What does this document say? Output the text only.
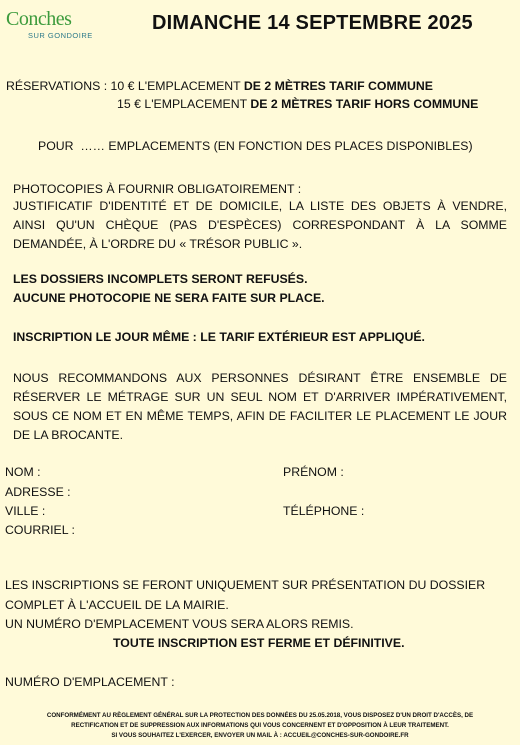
Conches
SUR GONDOIRE
DIMANCHE 14 SEPTEMBRE 2025
RÉSERVATIONS : 10 € L'EMPLACEMENT DE 2 MÈTRES TARIF COMMUNE
15 € L'EMPLACEMENT DE 2 MÈTRES TARIF HORS COMMUNE
POUR  …… EMPLACEMENTS (EN FONCTION DES PLACES DISPONIBLES)
PHOTOCOPIES À FOURNIR OBLIGATOIREMENT :
JUSTIFICATIF D'IDENTITÉ ET DE DOMICILE, LA LISTE DES OBJETS À VENDRE, AINSI QU'UN CHÈQUE (PAS D'ESPÈCES) CORRESPONDANT À LA SOMME DEMANDÉE, À L'ORDRE DU « TRÉSOR PUBLIC ».
LES DOSSIERS INCOMPLETS SERONT REFUSÉS.
AUCUNE PHOTOCOPIE NE SERA FAITE SUR PLACE.
INSCRIPTION LE JOUR MÊME : LE TARIF EXTÉRIEUR EST APPLIQUÉ.
NOUS RECOMMANDONS AUX PERSONNES DÉSIRANT ÊTRE ENSEMBLE DE RÉSERVER LE MÉTRAGE SUR UN SEUL NOM ET D'ARRIVER IMPÉRATIVEMENT, SOUS CE NOM ET EN MÊME TEMPS, AFIN DE FACILITER LE PLACEMENT LE JOUR DE LA BROCANTE.
NOM :	PRÉNOM :
ADRESSE :
VILLE :	TÉLÉPHONE :
COURRIEL :
LES INSCRIPTIONS SE FERONT UNIQUEMENT SUR PRÉSENTATION DU DOSSIER
COMPLET À L'ACCUEIL DE LA MAIRIE.
UN NUMÉRO D'EMPLACEMENT VOUS SERA ALORS REMIS.
TOUTE INSCRIPTION EST FERME ET DÉFINITIVE.
NUMÉRO D'EMPLACEMENT :
CONFORMÉMENT AU RÈGLEMENT GÉNÉRAL SUR LA PROTECTION DES DONNÉES DU 25.05.2018, VOUS DISPOSEZ D'UN DROIT D'ACCÈS, DE
RECTIFICATION ET DE SUPPRESSION AUX INFORMATIONS QUI VOUS CONCERNENT ET D'OPPOSITION À LEUR TRAITEMENT.
SI VOUS SOUHAITEZ L'EXERCER, ENVOYER UN MAIL À : ACCUEIL@CONCHES-SUR-GONDOIRE.FR
